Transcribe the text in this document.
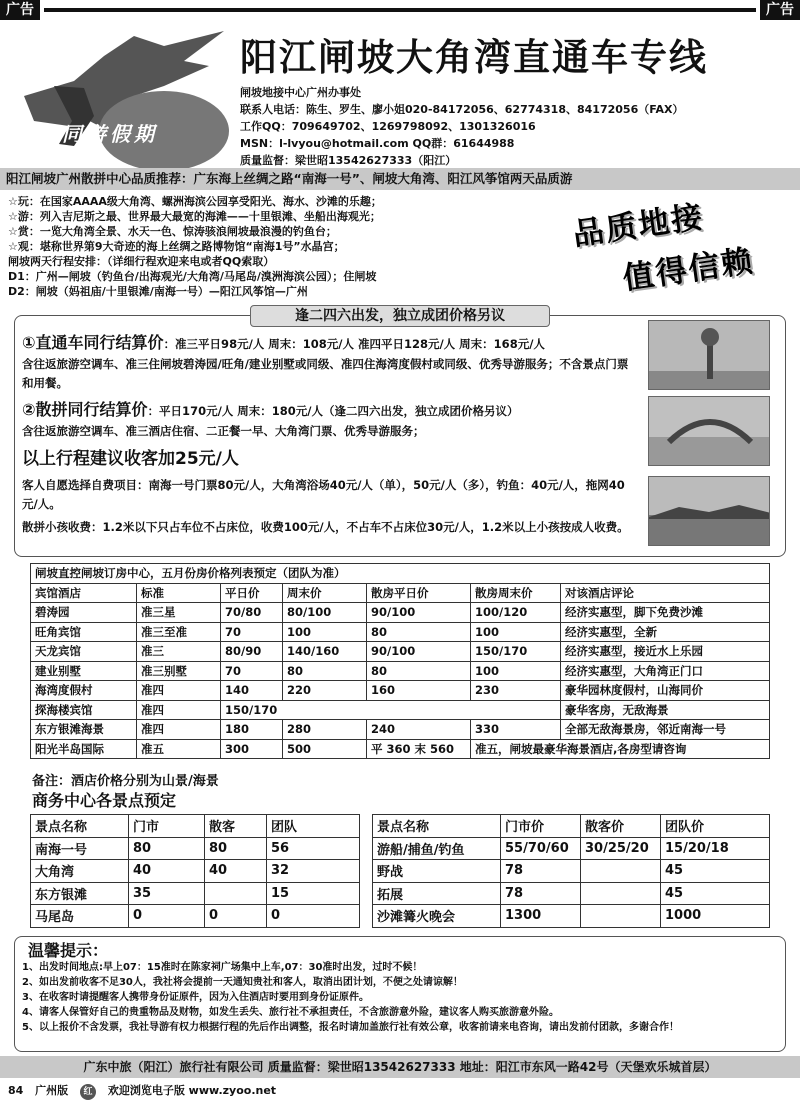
广告	广告
同游假期
阳江闸坡大角湾直通车专线
闸坡地接中心广州办事处
联系人电话：陈生、罗生、廖小姐020-84172056、62774318、84172056（FAX）
工作QQ：709649702、1269798092、1301326016
MSN：l-lvyou@hotmail.com QQ群：61644988
质量监督：梁世昭13542627333（阳江）
阳江闸坡广州散拼中心品质推荐：广东海上丝绸之路“南海一号”、闸坡大角湾、阳江风筝馆两天品质游
☆玩：在国家AAAA级大角湾、螺洲海滨公园享受阳光、海水、沙滩的乐趣；
☆游：列入吉尼斯之最、世界最大最宽的海滩——十里银滩、坐船出海观光；
☆赏：一览大角湾全景、水天一色、惊涛骇浪闸坡最浪漫的钓鱼台；
☆观：堪称世界第9大奇迹的海上丝绸之路博物馆“南海1号”水晶宫；
闸坡两天行程安排：（详细行程欢迎来电或者QQ索取）
D1：广州—闸坡（钓鱼台/出海观光/大角湾/马尾岛/溴洲海滨公园）；住闸坡
D2：闸坡（妈祖庙/十里银滩/南海一号）—阳江风筝馆—广州
品质地接
值得信赖
逢二四六出发，独立成团价格另议
①直通车同行结算价：准三平日98元/人 周末：108元/人 准四平日128元/人 周末：168元/人
含往返旅游空调车、准三住闸坡碧涛园/旺角/建业别墅或同级、准四住海湾度假村或同级、优秀导游服务；不含景点门票和用餐。
②散拼同行结算价：平日170元/人 周末：180元/人（逢二四六出发，独立成团价格另议）
含往返旅游空调车、准三酒店住宿、二正餐一早、大角湾门票、优秀导游服务；
以上行程建议收客加25元/人
客人自愿选择自费项目：南海一号门票80元/人，大角湾浴场40元/人（单），50元/人（多），钓鱼：40元/人，拖网40元/人。
散拼小孩收费：1.2米以下只占车位不占床位，收费100元/人，不占车不占床位30元/人，1.2米以上小孩按成人收费。
闸坡直控闸坡订房中心，五月份房价格列表预定（团队为准）						
宾馆酒店	标准	平日价	周末价	散房平日价	散房周末价	对该酒店评论
碧涛园	准三星	70/80	80/100	90/100	100/120	经济实惠型，脚下免费沙滩
旺角宾馆	准三至准	70	100	80	100	经济实惠型，全新
天龙宾馆	准三	80/90	140/160	90/100	150/170	经济实惠型，接近水上乐园
建业别墅	准三别墅	70	80	80	100	经济实惠型，大角湾正门口
海湾度假村	准四	140	220	160	230	豪华园林度假村，山海同价
探海楼宾馆	准四	150/170				豪华客房，无敌海景
东方银滩海景	准四	180	280	240	330	全部无敌海景房，邻近南海一号
阳光半岛国际	准五	300	500	平 360 末 560	准五，闸坡最豪华海景酒店,各房型请咨询	
备注：酒店价格分别为山景/海景
商务中心各景点预定
景点名称	门市	散客	团队
南海一号	80	80	56
大角湾	40	40	32
东方银滩	35		15
马尾岛	0	0	0
景点名称	门市价	散客价	团队价
游船/捕鱼/钓鱼	55/70/60	30/25/20	15/20/18
野战	78		45
拓展	78		45
沙滩篝火晚会	1300		1000
温馨提示：
1、出发时间地点:早上07：15准时在陈家祠广场集中上车,07：30准时出发，过时不候！
2、如出发前收客不足30人，我社将会提前一天通知贵社和客人，取消出团计划，不便之处请谅解！
3、在收客时请提醒客人携带身份证原件，因为入住酒店时要用到身份证原件。
4、请客人保管好自己的贵重物品及财物，如发生丢失、旅行社不承担责任，不含旅游意外险，建议客人购买旅游意外险。
5、以上报价不含发票，我社导游有权力根据行程的先后作出调整，报名时请加盖旅行社有效公章，收客前请来电咨询，请出发前付团款，多谢合作！
广东中旅（阳江）旅行社有限公司 质量监督：梁世昭13542627333 地址：阳江市东风一路42号（天堡欢乐城首层）
84 广州版 红 欢迎浏览电子版 www.zyoo.net
